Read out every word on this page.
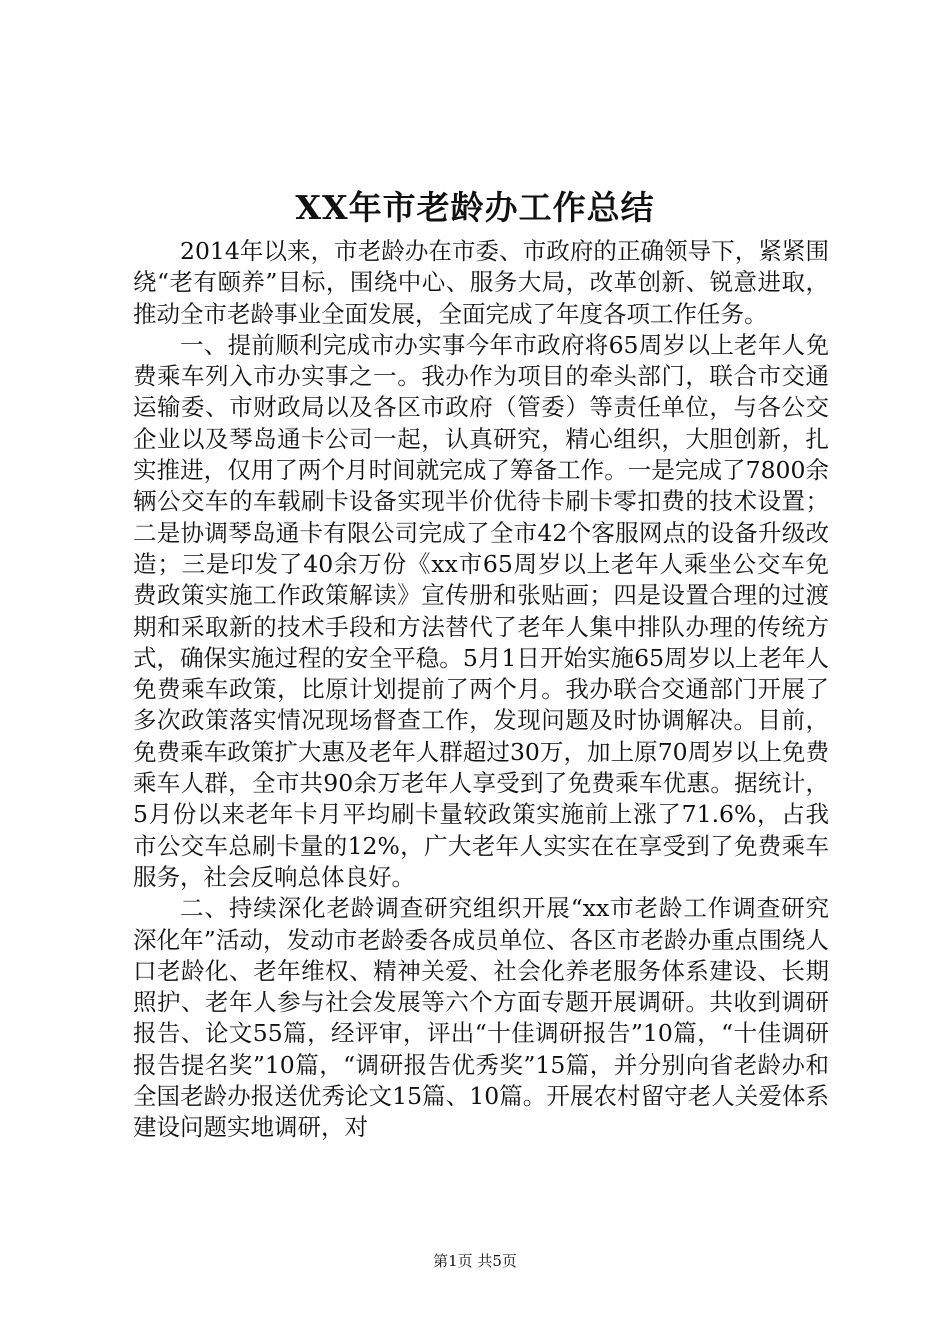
XX年市老龄办工作总结

2014年以来，市老龄办在市委、市政府的正确领导下，紧紧围绕“老有颐养”目标，围绕中心、服务大局，改革创新、锐意进取，推动全市老龄事业全面发展，全面完成了年度各项工作任务。

一、提前顺利完成市办实事今年市政府将65周岁以上老年人免费乘车列入市办实事之一。我办作为项目的牵头部门，联合市交通运输委、市财政局以及各区市政府（管委）等责任单位，与各公交企业以及琴岛通卡公司一起，认真研究，精心组织，大胆创新，扎实推进，仅用了两个月时间就完成了筹备工作。一是完成了7800余辆公交车的车载刷卡设备实现半价优待卡刷卡零扣费的技术设置；二是协调琴岛通卡有限公司完成了全市42个客服网点的设备升级改造；三是印发了40余万份《xx市65周岁以上老年人乘坐公交车免费政策实施工作政策解读》宣传册和张贴画；四是设置合理的过渡期和采取新的技术手段和方法替代了老年人集中排队办理的传统方式，确保实施过程的安全平稳。5月1日开始实施65周岁以上老年人免费乘车政策，比原计划提前了两个月。我办联合交通部门开展了多次政策落实情况现场督查工作，发现问题及时协调解决。目前，免费乘车政策扩大惠及老年人群超过30万，加上原70周岁以上免费乘车人群，全市共90余万老年人享受到了免费乘车优惠。据统计，5月份以来老年卡月平均刷卡量较政策实施前上涨了71.6%，占我市公交车总刷卡量的12%，广大老年人实实在在享受到了免费乘车服务，社会反响总体良好。

二、持续深化老龄调查研究组织开展“xx市老龄工作调查研究深化年”活动，发动市老龄委各成员单位、各区市老龄办重点围绕人口老龄化、老年维权、精神关爱、社会化养老服务体系建设、长期照护、老年人参与社会发展等六个方面专题开展调研。共收到调研报告、论文55篇，经评审，评出“十佳调研报告”10篇，“十佳调研报告提名奖”10篇，“调研报告优秀奖”15篇，并分别向省老龄办和全国老龄办报送优秀论文15篇、10篇。开展农村留守老人关爱体系建设问题实地调研，对

第1页 共5页
